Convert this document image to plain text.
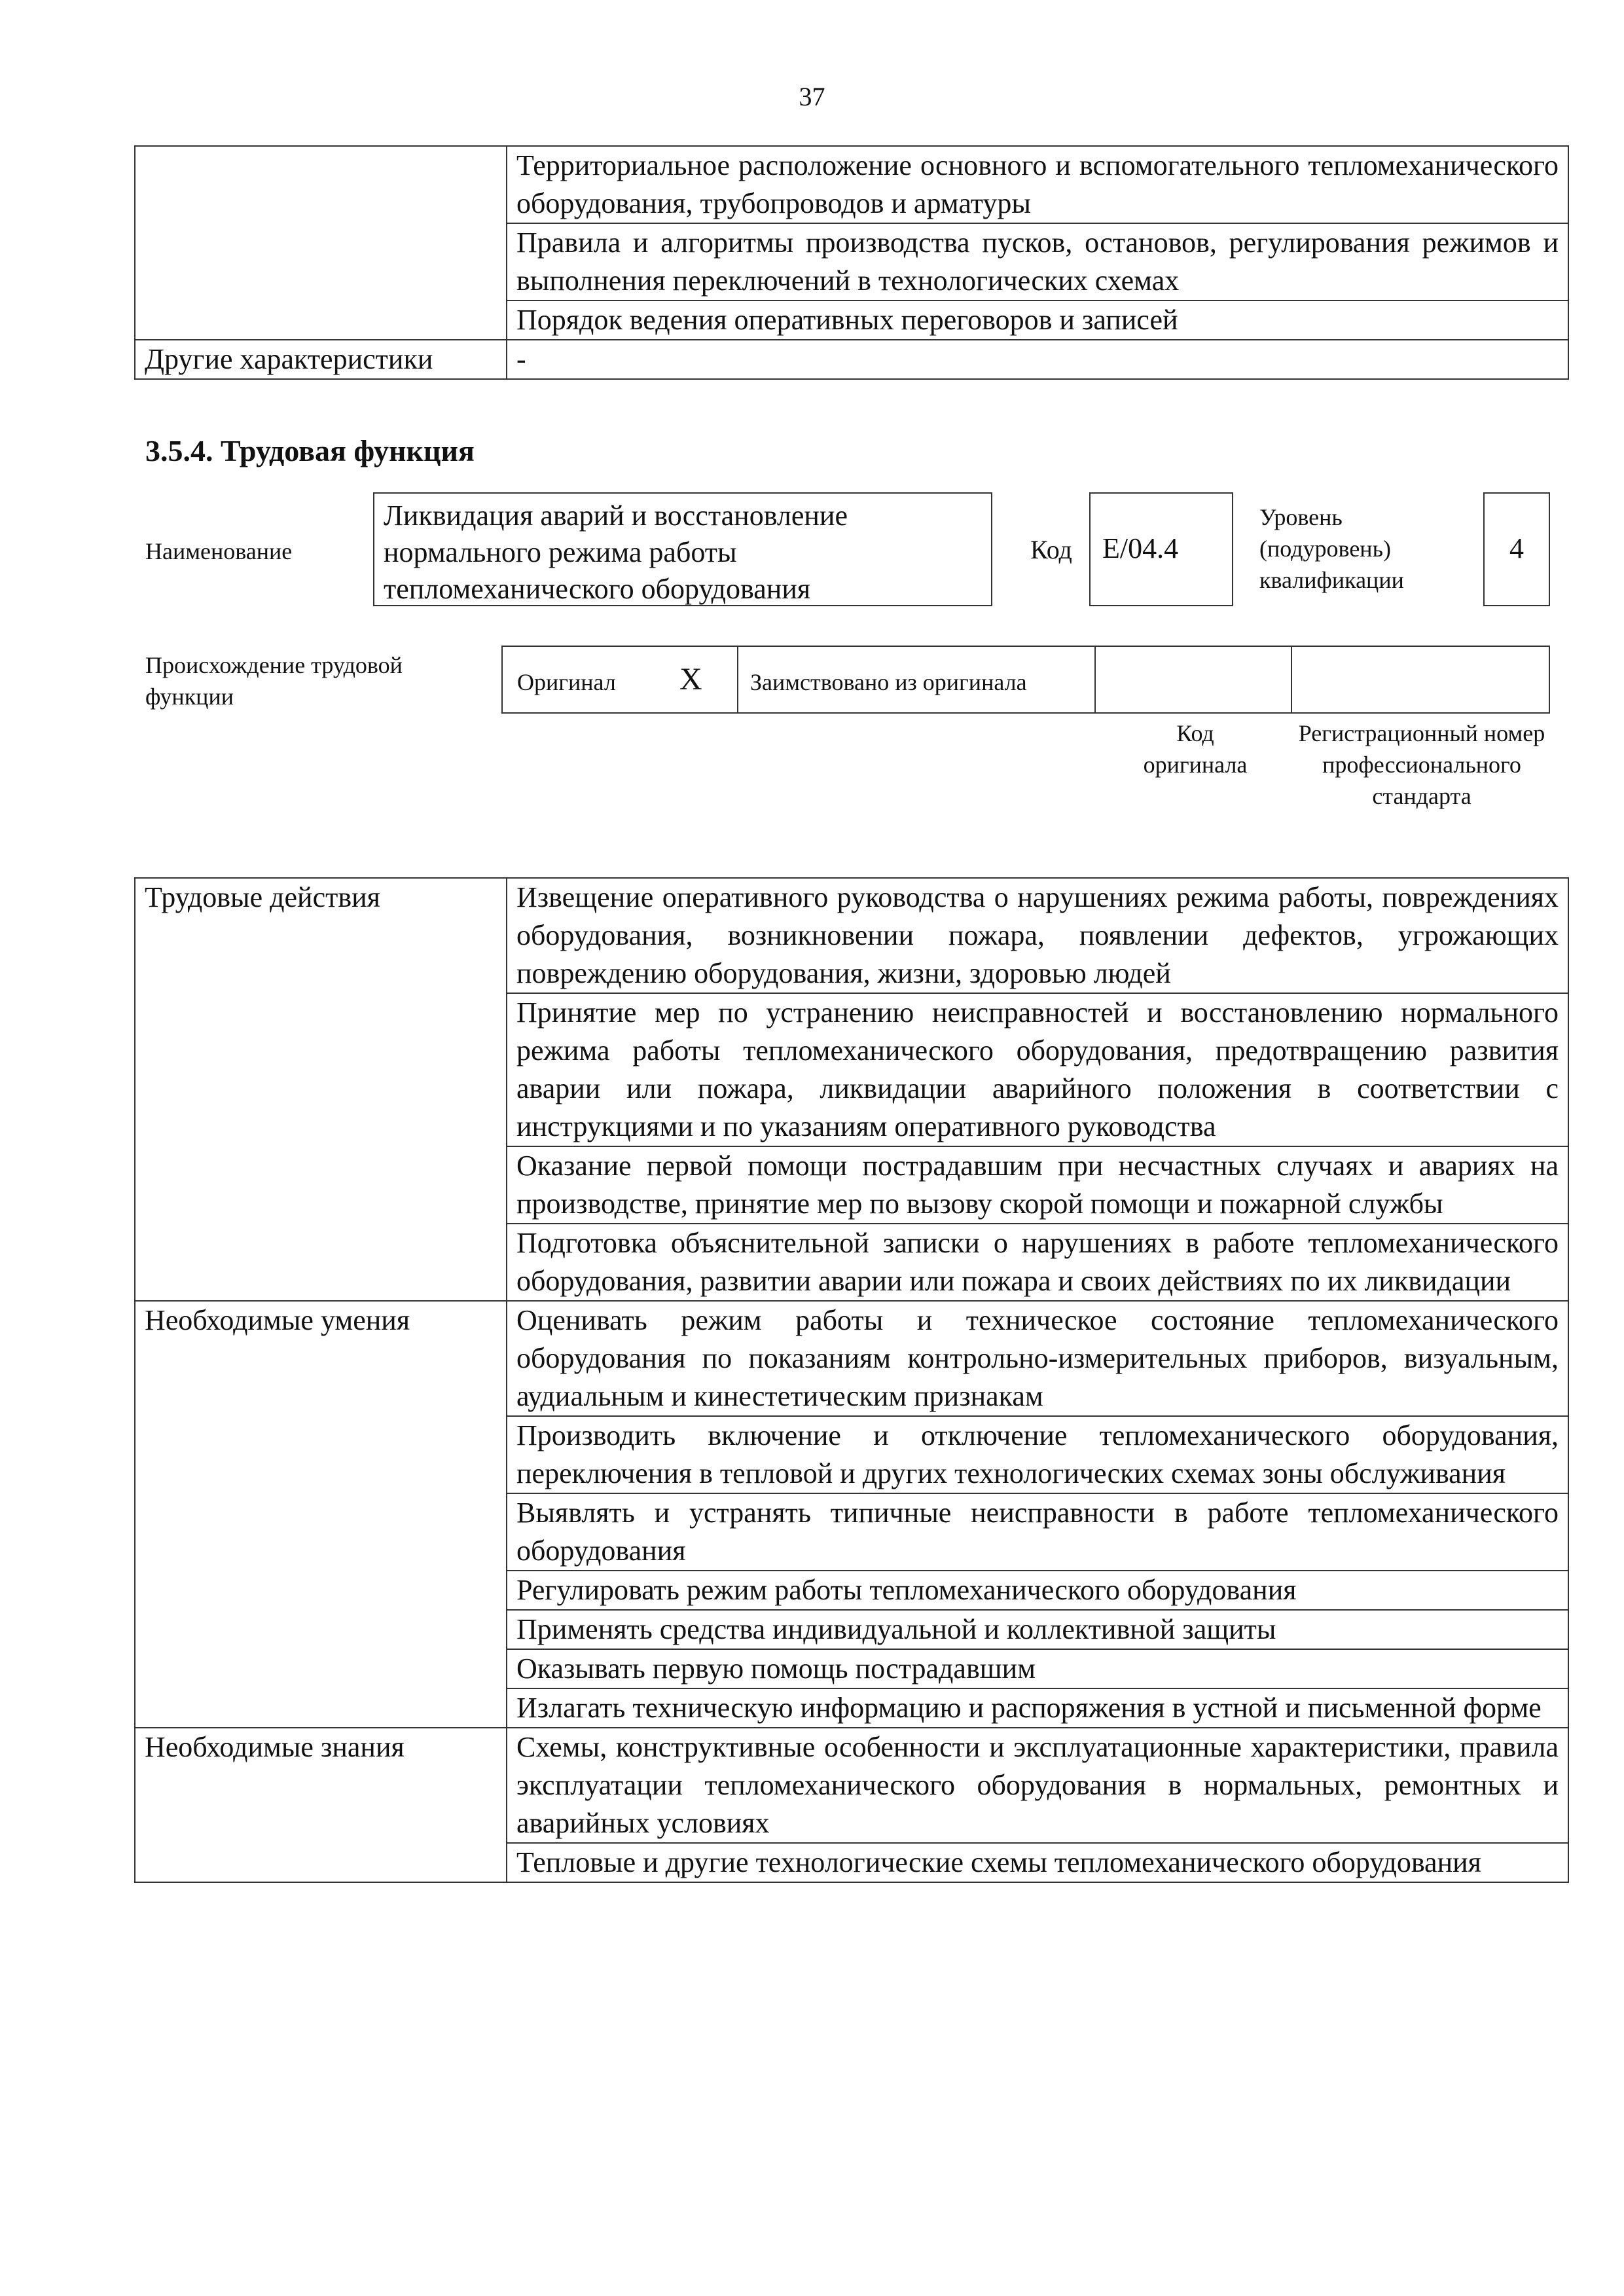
37
	Территориальное расположение основного и вспомогательного тепломеханического оборудования, трубопроводов и арматуры
	Правила и алгоритмы производства пусков, остановов, регулирования режимов и выполнения переключений в технологических схемах
	Порядок ведения оперативных переговоров и записей
Другие характеристики	-
3.5.4. Трудовая функция
Наименование
Ликвидация аварий и восстановление нормального режима работы тепломеханического оборудования
Код	E/04.4
Уровень (подуровень) квалификации
4
Происхождение трудовой функции
Оригинал X Заимствовано из оригинала
Код оригинала
Регистрационный номер профессионального стандарта
Трудовые действия	Извещение оперативного руководства о нарушениях режима работы, повреждениях оборудования, возникновении пожара, появлении дефектов, угрожающих повреждению оборудования, жизни, здоровью людей
	Принятие мер по устранению неисправностей и восстановлению нормального режима работы тепломеханического оборудования, предотвращению развития аварии или пожара, ликвидации аварийного положения в соответствии с инструкциями и по указаниям оперативного руководства
	Оказание первой помощи пострадавшим при несчастных случаях и авариях на производстве, принятие мер по вызову скорой помощи и пожарной службы
	Подготовка объяснительной записки о нарушениях в работе тепломеханического оборудования, развитии аварии или пожара и своих действиях по их ликвидации
Необходимые умения	Оценивать режим работы и техническое состояние тепломеханического оборудования по показаниям контрольно-измерительных приборов, визуальным, аудиальным и кинестетическим признакам
	Производить включение и отключение тепломеханического оборудования, переключения в тепловой и других технологических схемах зоны обслуживания
	Выявлять и устранять типичные неисправности в работе тепломеханического оборудования
	Регулировать режим работы тепломеханического оборудования
	Применять средства индивидуальной и коллективной защиты
	Оказывать первую помощь пострадавшим
	Излагать техническую информацию и распоряжения в устной и письменной форме
Необходимые знания	Схемы, конструктивные особенности и эксплуатационные характеристики, правила эксплуатации тепломеханического оборудования в нормальных, ремонтных и аварийных условиях
	Тепловые и другие технологические схемы тепломеханического оборудования
